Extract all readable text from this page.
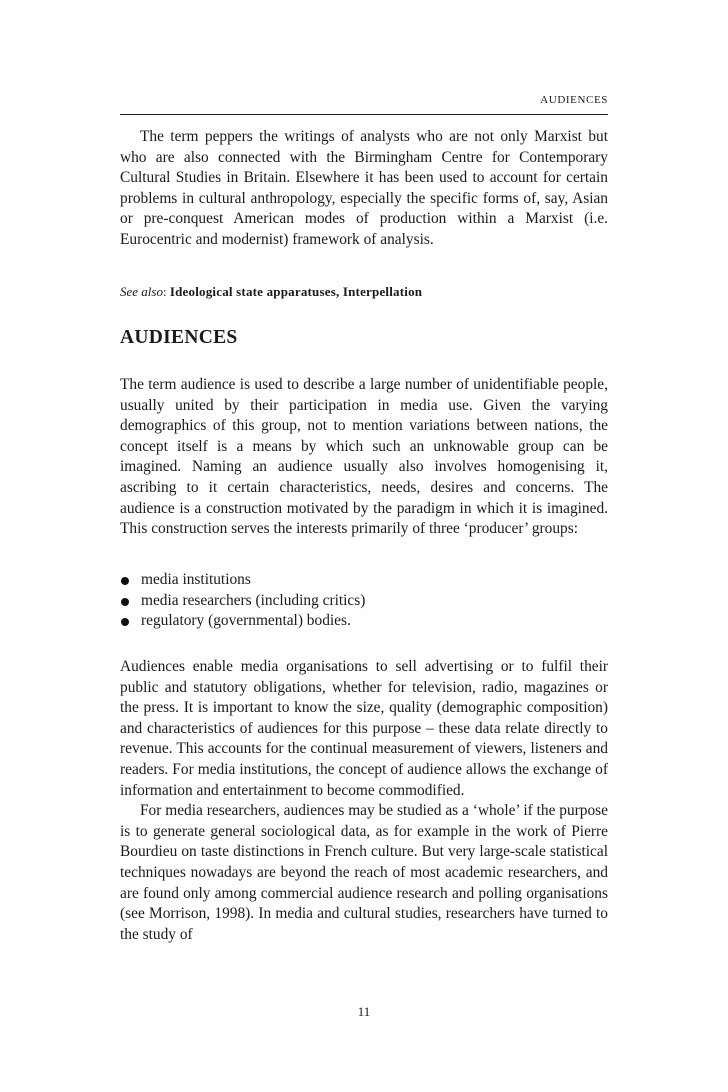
AUDIENCES

The term peppers the writings of analysts who are not only Marxist but who are also connected with the Birmingham Centre for Contemporary Cultural Studies in Britain. Elsewhere it has been used to account for certain problems in cultural anthropology, especially the specific forms of, say, Asian or pre-conquest American modes of production within a Marxist (i.e. Eurocentric and modernist) framework of analysis.

See also: Ideological state apparatuses, Interpellation
AUDIENCES

The term audience is used to describe a large number of unidentifiable people, usually united by their participation in media use. Given the varying demographics of this group, not to mention variations between nations, the concept itself is a means by which such an unknowable group can be imagined. Naming an audience usually also involves homogenising it, ascribing to it certain characteristics, needs, desires and concerns. The audience is a construction motivated by the paradigm in which it is imagined. This construction serves the interests primarily of three ‘producer’ groups:

media institutions
media researchers (including critics)
regulatory (governmental) bodies.

Audiences enable media organisations to sell advertising or to fulfil their public and statutory obligations, whether for television, radio, magazines or the press. It is important to know the size, quality (demographic composition) and characteristics of audiences for this purpose – these data relate directly to revenue. This accounts for the continual measurement of viewers, listeners and readers. For media institutions, the concept of audience allows the exchange of information and entertainment to become commodified.

For media researchers, audiences may be studied as a ‘whole’ if the purpose is to generate general sociological data, as for example in the work of Pierre Bourdieu on taste distinctions in French culture. But very large-scale statistical techniques nowadays are beyond the reach of most academic researchers, and are found only among commercial audience research and polling organisations (see Morrison, 1998). In media and cultural studies, researchers have turned to the study of

11
